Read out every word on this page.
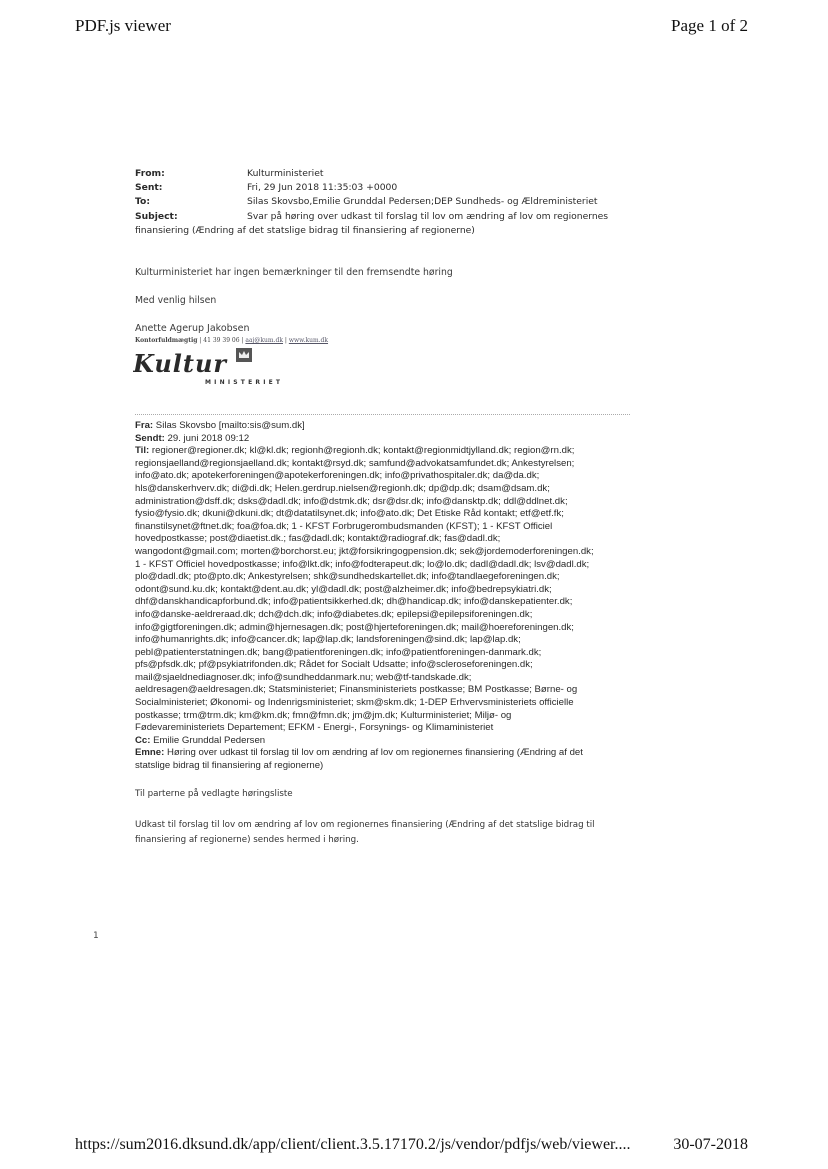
PDF.js viewer	Page 1 of 2
From:	Kulturministeriet
Sent:	Fri, 29 Jun 2018 11:35:03 +0000
To:	Silas Skovsbo,Emilie Grunddal Pedersen;DEP Sundheds- og Ældreministeriet
Subject:	Svar på høring over udkast til forslag til lov om ændring af lov om regionernes
finansiering (Ændring af det statslige bidrag til finansiering af regionerne)
Kulturministeriet har ingen bemærkninger til den fremsendte høring
Med venlig hilsen
Anette Agerup Jakobsen
Kontorfuldmægtig | 41 39 39 06 | aaj@kum.dk | www.kum.dk
Kultur
MINISTERIET
Fra: Silas Skovsbo [mailto:sis@sum.dk]
Sendt: 29. juni 2018 09:12
Til: regioner@regioner.dk; kl@kl.dk; regionh@regionh.dk; kontakt@regionmidtjylland.dk; region@rn.dk;
regionsjaelland@regionsjaelland.dk; kontakt@rsyd.dk; samfund@advokatsamfundet.dk; Ankestyrelsen;
info@ato.dk; apotekerforeningen@apotekerforeningen.dk; info@privathospitaler.dk; da@da.dk;
hls@danskerhverv.dk; di@di.dk; Helen.gerdrup.nielsen@regionh.dk; dp@dp.dk; dsam@dsam.dk;
administration@dsff.dk; dsks@dadl.dk; info@dstmk.dk; dsr@dsr.dk; info@dansktp.dk; ddl@ddlnet.dk;
fysio@fysio.dk; dkuni@dkuni.dk; dt@datatilsynet.dk; info@ato.dk; Det Etiske Råd kontakt; etf@etf.fk;
finanstilsynet@ftnet.dk; foa@foa.dk; 1 - KFST Forbrugerombudsmanden (KFST); 1 - KFST Officiel
hovedpostkasse; post@diaetist.dk.; fas@dadl.dk; kontakt@radiograf.dk; fas@dadl.dk;
wangodont@gmail.com; morten@borchorst.eu; jkt@forsikringogpension.dk; sek@jordemoderforeningen.dk;
1 - KFST Officiel hovedpostkasse; info@lkt.dk; info@fodterapeut.dk; lo@lo.dk; dadl@dadl.dk; lsv@dadl.dk;
plo@dadl.dk; pto@pto.dk; Ankestyrelsen; shk@sundhedskartellet.dk; info@tandlaegeforeningen.dk;
odont@sund.ku.dk; kontakt@dent.au.dk; yl@dadl.dk; post@alzheimer.dk; info@bedrepsykiatri.dk;
dhf@danskhandicapforbund.dk; info@patientsikkerhed.dk; dh@handicap.dk; info@danskepatienter.dk;
info@danske-aeldreraad.dk; dch@dch.dk; info@diabetes.dk; epilepsi@epilepsiforeningen.dk;
info@gigtforeningen.dk; admin@hjernesagen.dk; post@hjerteforeningen.dk; mail@hoereforeningen.dk;
info@humanrights.dk; info@cancer.dk; lap@lap.dk; landsforeningen@sind.dk; lap@lap.dk;
pebl@patienterstatningen.dk; bang@patientforeningen.dk; info@patientforeningen-danmark.dk;
pfs@pfsdk.dk; pf@psykiatrifonden.dk; Rådet for Socialt Udsatte; info@scleroseforeningen.dk;
mail@sjaeldnediagnoser.dk; info@sundheddanmark.nu; web@tf-tandskade.dk;
aeldresagen@aeldresagen.dk; Statsministeriet; Finansministeriets postkasse; BM Postkasse; Børne- og
Socialministeriet; Økonomi- og Indenrigsministeriet; skm@skm.dk; 1-DEP Erhvervsministeriets officielle
postkasse; trm@trm.dk; km@km.dk; fmn@fmn.dk; jm@jm.dk; Kulturministeriet; Miljø- og
Fødevareministeriets Departement; EFKM - Energi-, Forsynings- og Klimaministeriet
Cc: Emilie Grunddal Pedersen
Emne: Høring over udkast til forslag til lov om ændring af lov om regionernes finansiering (Ændring af det
statslige bidrag til finansiering af regionerne)
Til parterne på vedlagte høringsliste
Udkast til forslag til lov om ændring af lov om regionernes finansiering (Ændring af det statslige bidrag til
finansiering af regionerne) sendes hermed i høring.
1
https://sum2016.dksund.dk/app/client/client.3.5.17170.2/js/vendor/pdfjs/web/viewer....	30-07-2018
